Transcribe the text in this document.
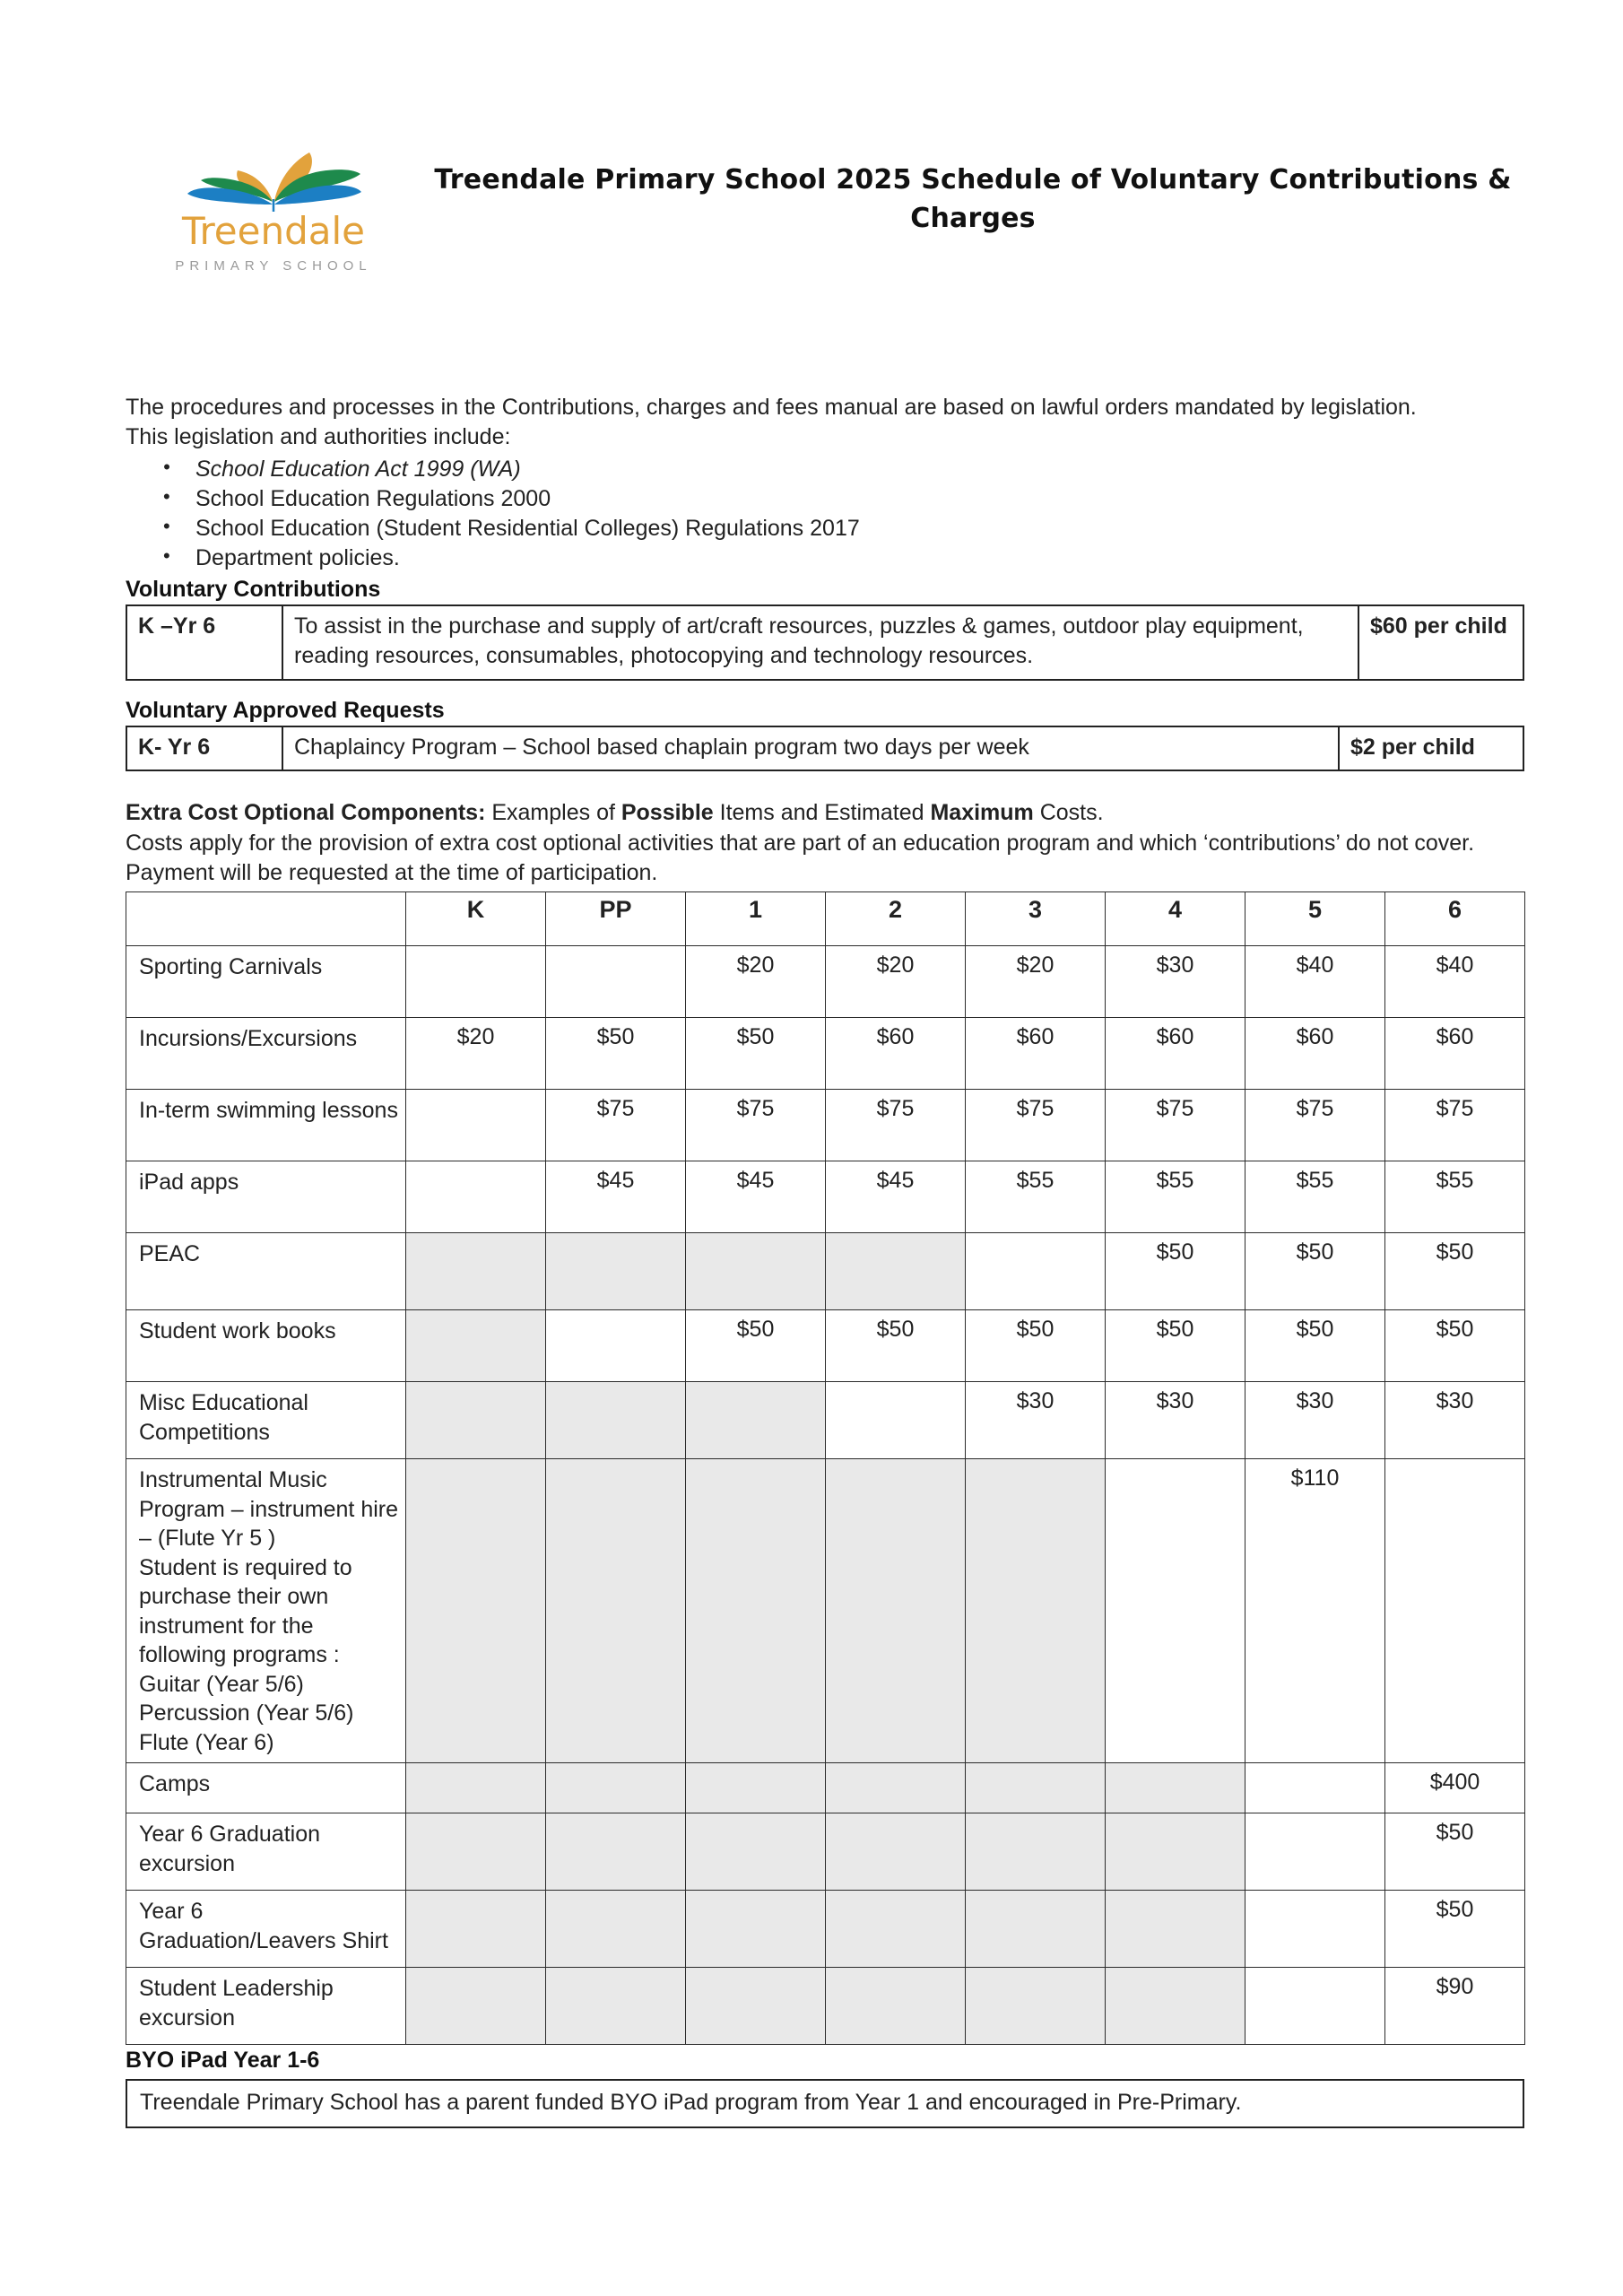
Treendale
PRIMARY SCHOOL
Treendale Primary School 2025 Schedule of Voluntary Contributions & Charges

The procedures and processes in the Contributions, charges and fees manual are based on lawful orders mandated by legislation.

This legislation and authorities include:

• School Education Act 1999 (WA)
• School Education Regulations 2000
• School Education (Student Residential Colleges) Regulations 2017
• Department policies.
Voluntary Contributions
K –Yr 6	To assist in the purchase and supply of art/craft resources, puzzles & games, outdoor play equipment, reading resources, consumables, photocopying and technology resources.	$60 per child
Voluntary Approved Requests
K- Yr 6	Chaplaincy Program – School based chaplain program two days per week	$2 per child

Extra Cost Optional Components: Examples of Possible Items and Estimated Maximum Costs.

Costs apply for the provision of extra cost optional activities that are part of an education program and which ‘contributions’ do not cover. Payment will be requested at the time of participation.

	K	PP	1	2	3	4	5	6
Sporting Carnivals			$20	$20	$20	$30	$40	$40
Incursions/Excursions	$20	$50	$50	$60	$60	$60	$60	$60
In-term swimming lessons		$75	$75	$75	$75	$75	$75	$75
iPad apps		$45	$45	$45	$55	$55	$55	$55
PEAC						$50	$50	$50
Student work books			$50	$50	$50	$50	$50	$50
Misc Educational Competitions					$30	$30	$30	$30
Instrumental Music Program – instrument hire – (Flute Yr 5 )
Student is required to purchase their own instrument for the following programs :
Guitar (Year 5/6) Percussion (Year 5/6)
Flute (Year 6)							$110	
Camps								$400
Year 6 Graduation excursion								$50
Year 6 Graduation/Leavers Shirt								$50
Student Leadership excursion								$90
BYO iPad Year 1-6
Treendale Primary School has a parent funded BYO iPad program from Year 1 and encouraged in Pre-Primary.
